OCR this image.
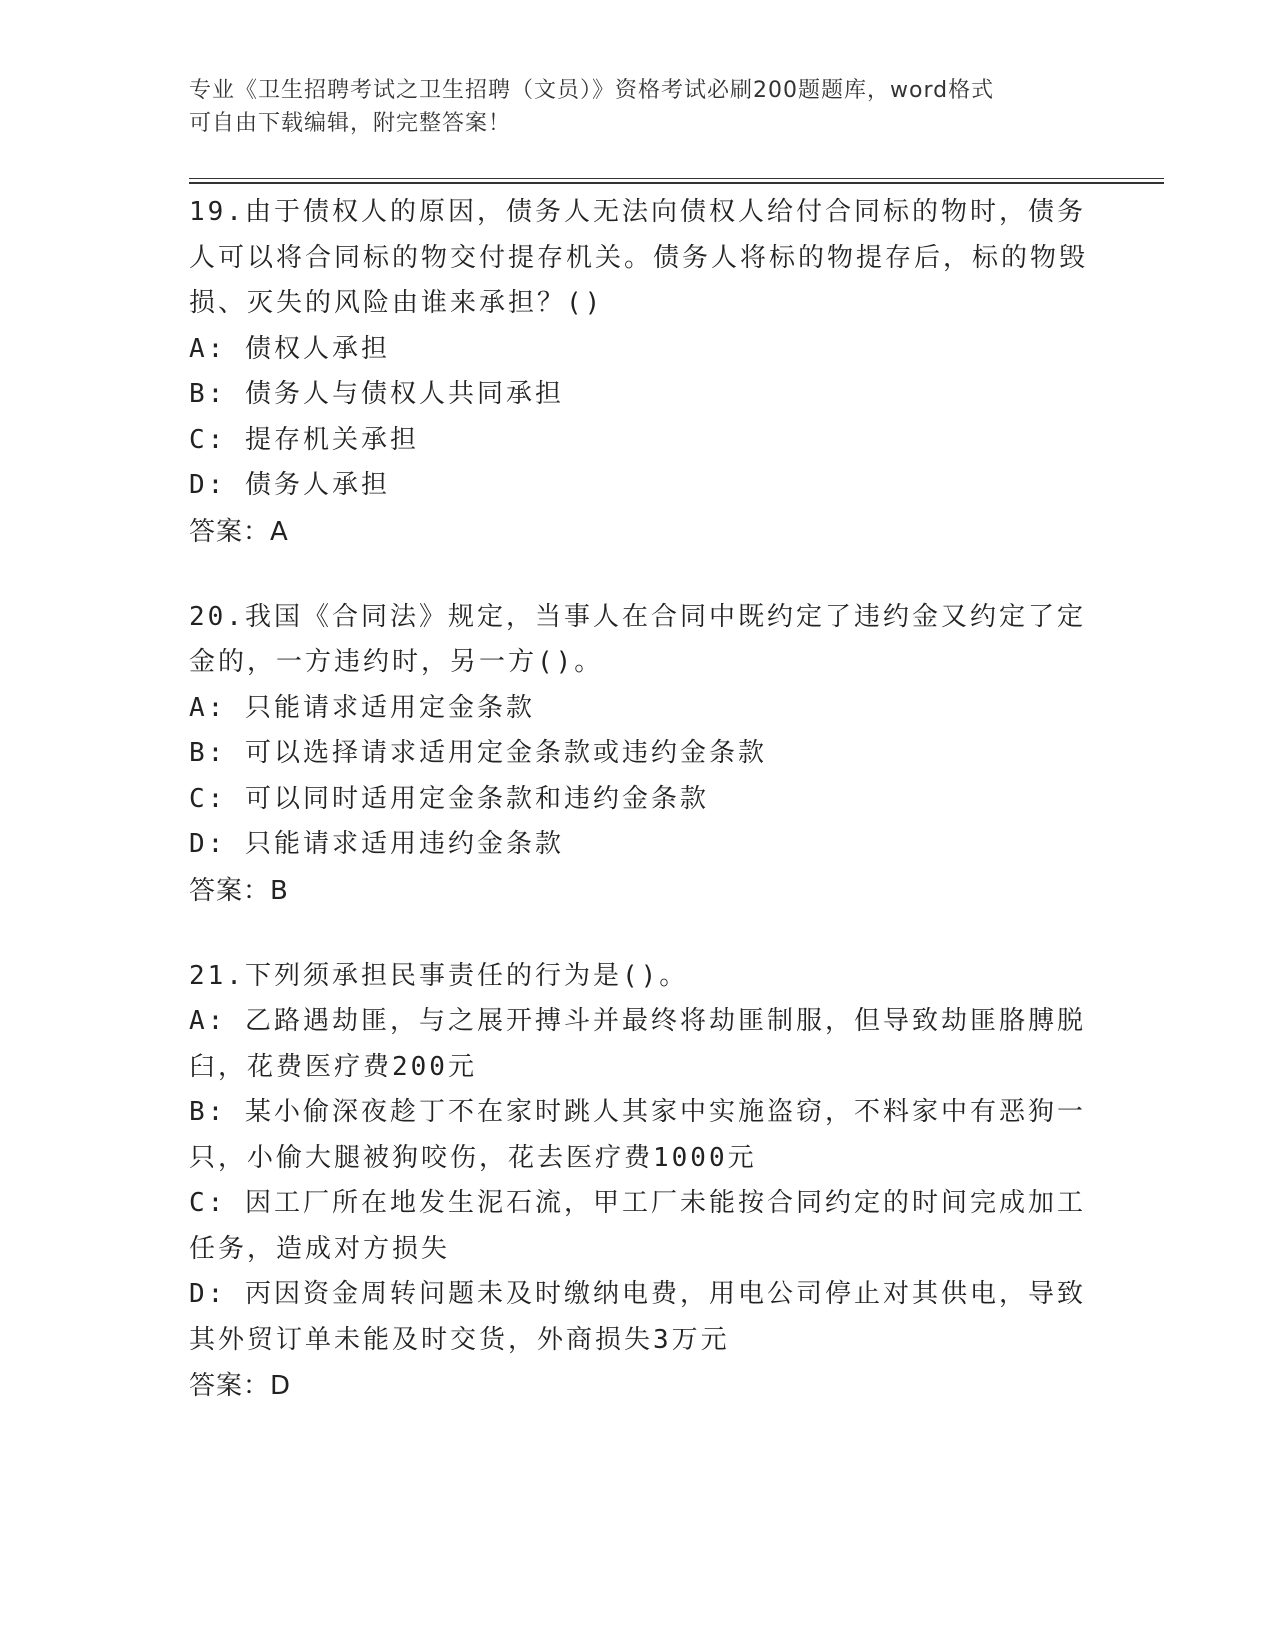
专业《卫生招聘考试之卫生招聘（文员）》资格考试必刷200题题库，word格式
可自由下载编辑，附完整答案！
19.由于债权人的原因，债务人无法向债权人给付合同标的物时，债务人可以将合同标的物交付提存机关。债务人将标的物提存后，标的物毁损、灭失的风险由谁来承担？()
A: 债权人承担
B: 债务人与债权人共同承担
C: 提存机关承担
D: 债务人承担
答案：A
20.我国《合同法》规定，当事人在合同中既约定了违约金又约定了定金的，一方违约时，另一方()。
A: 只能请求适用定金条款
B: 可以选择请求适用定金条款或违约金条款
C: 可以同时适用定金条款和违约金条款
D: 只能请求适用违约金条款
答案：B
21.下列须承担民事责任的行为是()。
A: 乙路遇劫匪，与之展开搏斗并最终将劫匪制服，但导致劫匪胳膊脱臼，花费医疗费200元
B: 某小偷深夜趁丁不在家时跳人其家中实施盗窃，不料家中有恶狗一只，小偷大腿被狗咬伤，花去医疗费1000元
C: 因工厂所在地发生泥石流，甲工厂未能按合同约定的时间完成加工任务，造成对方损失
D: 丙因资金周转问题未及时缴纳电费，用电公司停止对其供电，导致其外贸订单未能及时交货，外商损失3万元
答案：D
